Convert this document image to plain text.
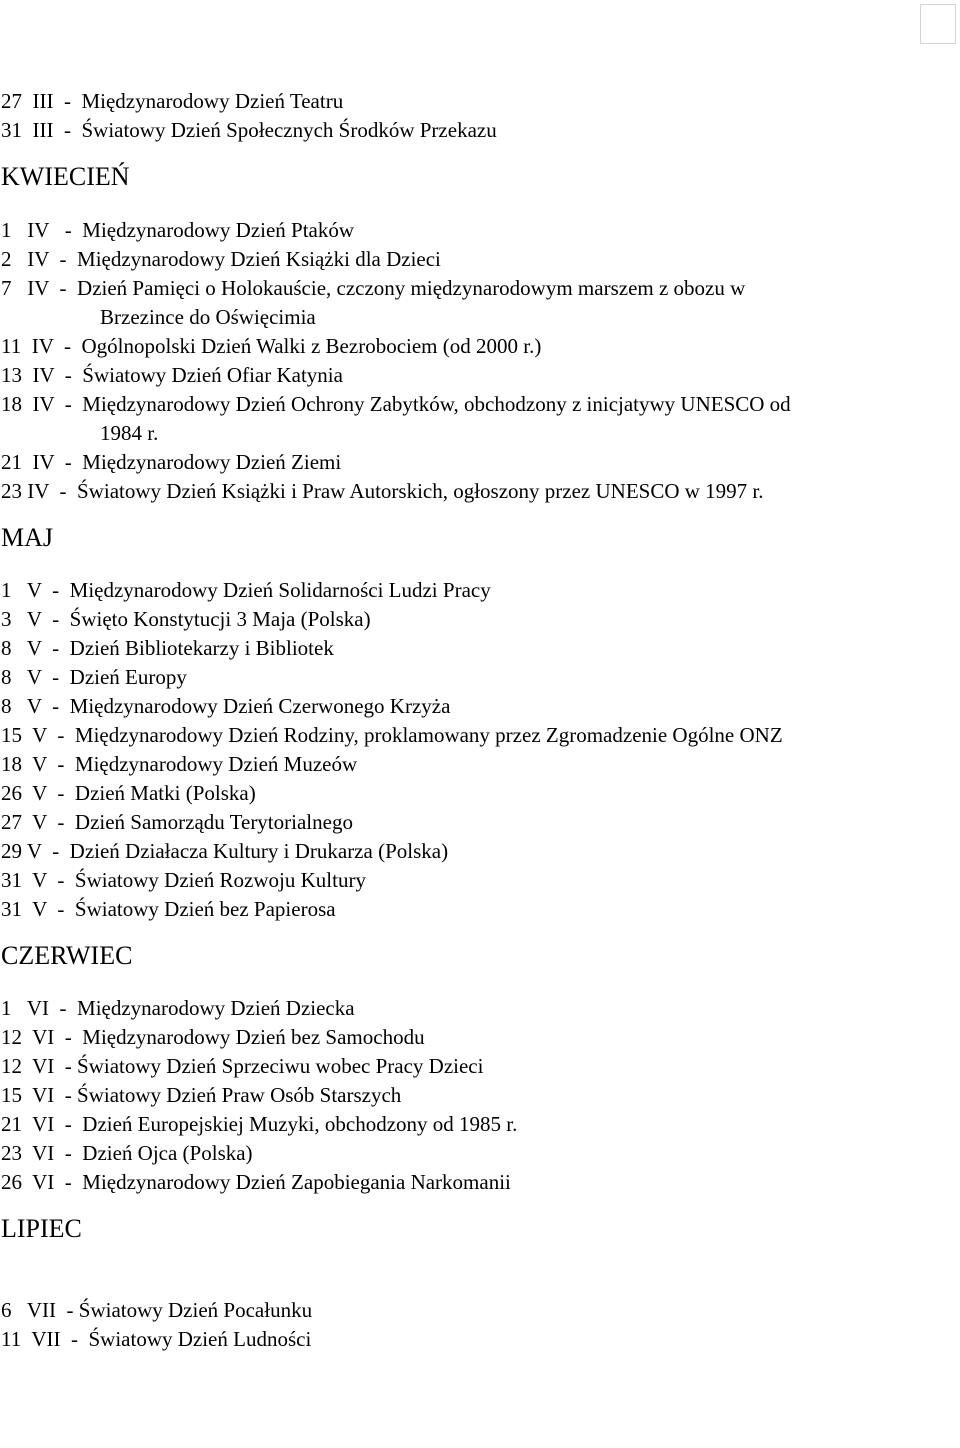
27  III  -  Międzynarodowy Dzień Teatru
31  III  -  Światowy Dzień Społecznych Środków Przekazu
KWIECIEŃ
1   IV   -  Międzynarodowy Dzień Ptaków
2   IV  -  Międzynarodowy Dzień Książki dla Dzieci
7   IV  -  Dzień Pamięci o Holokauście, czczony międzynarodowym marszem z obozu w
Brzezince do Oświęcimia
11  IV  -  Ogólnopolski Dzień Walki z Bezrobociem (od 2000 r.)
13  IV  -  Światowy Dzień Ofiar Katynia
18  IV  -  Międzynarodowy Dzień Ochrony Zabytków, obchodzony z inicjatywy UNESCO od
1984 r.
21  IV  -  Międzynarodowy Dzień Ziemi
23 IV  -  Światowy Dzień Książki i Praw Autorskich, ogłoszony przez UNESCO w 1997 r.
MAJ
1   V  -  Międzynarodowy Dzień Solidarności Ludzi Pracy
3   V  -  Święto Konstytucji 3 Maja (Polska)
8   V  -  Dzień Bibliotekarzy i Bibliotek
8   V  -  Dzień Europy
8   V  -  Międzynarodowy Dzień Czerwonego Krzyża
15  V  -  Międzynarodowy Dzień Rodziny, proklamowany przez Zgromadzenie Ogólne ONZ
18  V  -  Międzynarodowy Dzień Muzeów
26  V  -  Dzień Matki (Polska)
27  V  -  Dzień Samorządu Terytorialnego
29 V  -  Dzień Działacza Kultury i Drukarza (Polska)
31  V  -  Światowy Dzień Rozwoju Kultury
31  V  -  Światowy Dzień bez Papierosa
CZERWIEC
1   VI  -  Międzynarodowy Dzień Dziecka
12  VI  -  Międzynarodowy Dzień bez Samochodu
12  VI  - Światowy Dzień Sprzeciwu wobec Pracy Dzieci
15  VI  - Światowy Dzień Praw Osób Starszych
21  VI  -  Dzień Europejskiej Muzyki, obchodzony od 1985 r.
23  VI  -  Dzień Ojca (Polska)
26  VI  -  Międzynarodowy Dzień Zapobiegania Narkomanii
LIPIEC
6   VII  - Światowy Dzień Pocałunku
11  VII  -  Światowy Dzień Ludności
